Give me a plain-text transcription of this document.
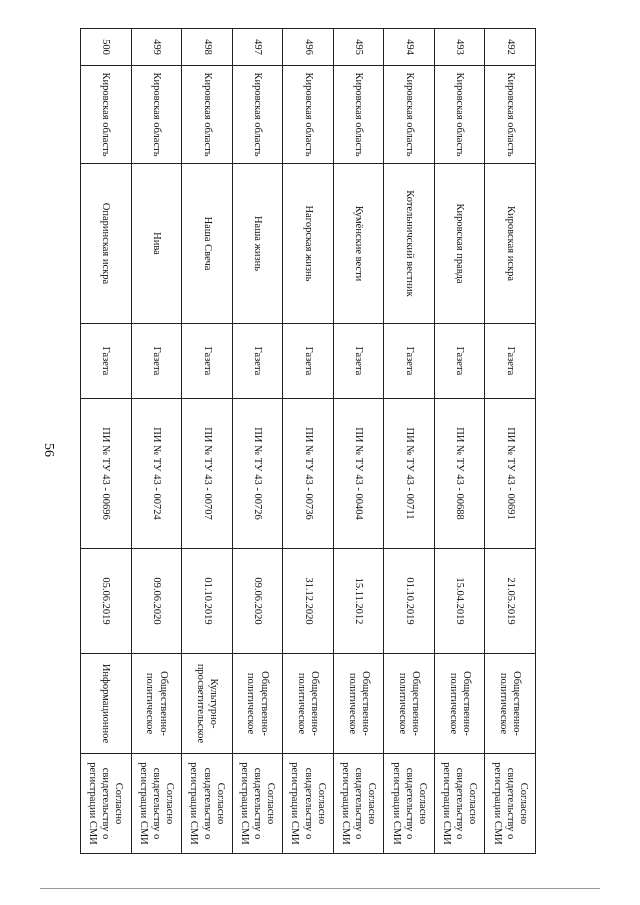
56
492	Кировская область	Кировская искра	Газета	ПИ № ТУ 43 - 00691	21.05.2019	Общественно-политическое	Согласно свидетельству о регистрации СМИ
493	Кировская область	Кировская правда	Газета	ПИ № ТУ 43 - 00688	15.04.2019	Общественно-политическое	Согласно свидетельству о регистрации СМИ
494	Кировская область	Котельничский вестник	Газета	ПИ № ТУ 43 - 00711	01.10.2019	Общественно-политическое	Согласно свидетельству о регистрации СМИ
495	Кировская область	Кумёнские вести	Газета	ПИ № ТУ 43 - 00404	15.11.2012	Общественно-политическое	Согласно свидетельству о регистрации СМИ
496	Кировская область	Нагорская жизнь	Газета	ПИ № ТУ 43 - 00736	31.12.2020	Общественно-политическое	Согласно свидетельству о регистрации СМИ
497	Кировская область	Наша жизнь	Газета	ПИ № ТУ 43 - 00726	09.06.2020	Общественно-политическое	Согласно свидетельству о регистрации СМИ
498	Кировская область	Наша Свеча	Газета	ПИ № ТУ 43 - 00707	01.10.2019	Культурно-просветительское	Согласно свидетельству о регистрации СМИ
499	Кировская область	Нива	Газета	ПИ № ТУ 43 - 00724	09.06.2020	Общественно-политическое	Согласно свидетельству о регистрации СМИ
500	Кировская область	Опаринская искра	Газета	ПИ № ТУ 43 - 00696	05.06.2019	Информационное	Согласно свидетельству о регистрации СМИ
